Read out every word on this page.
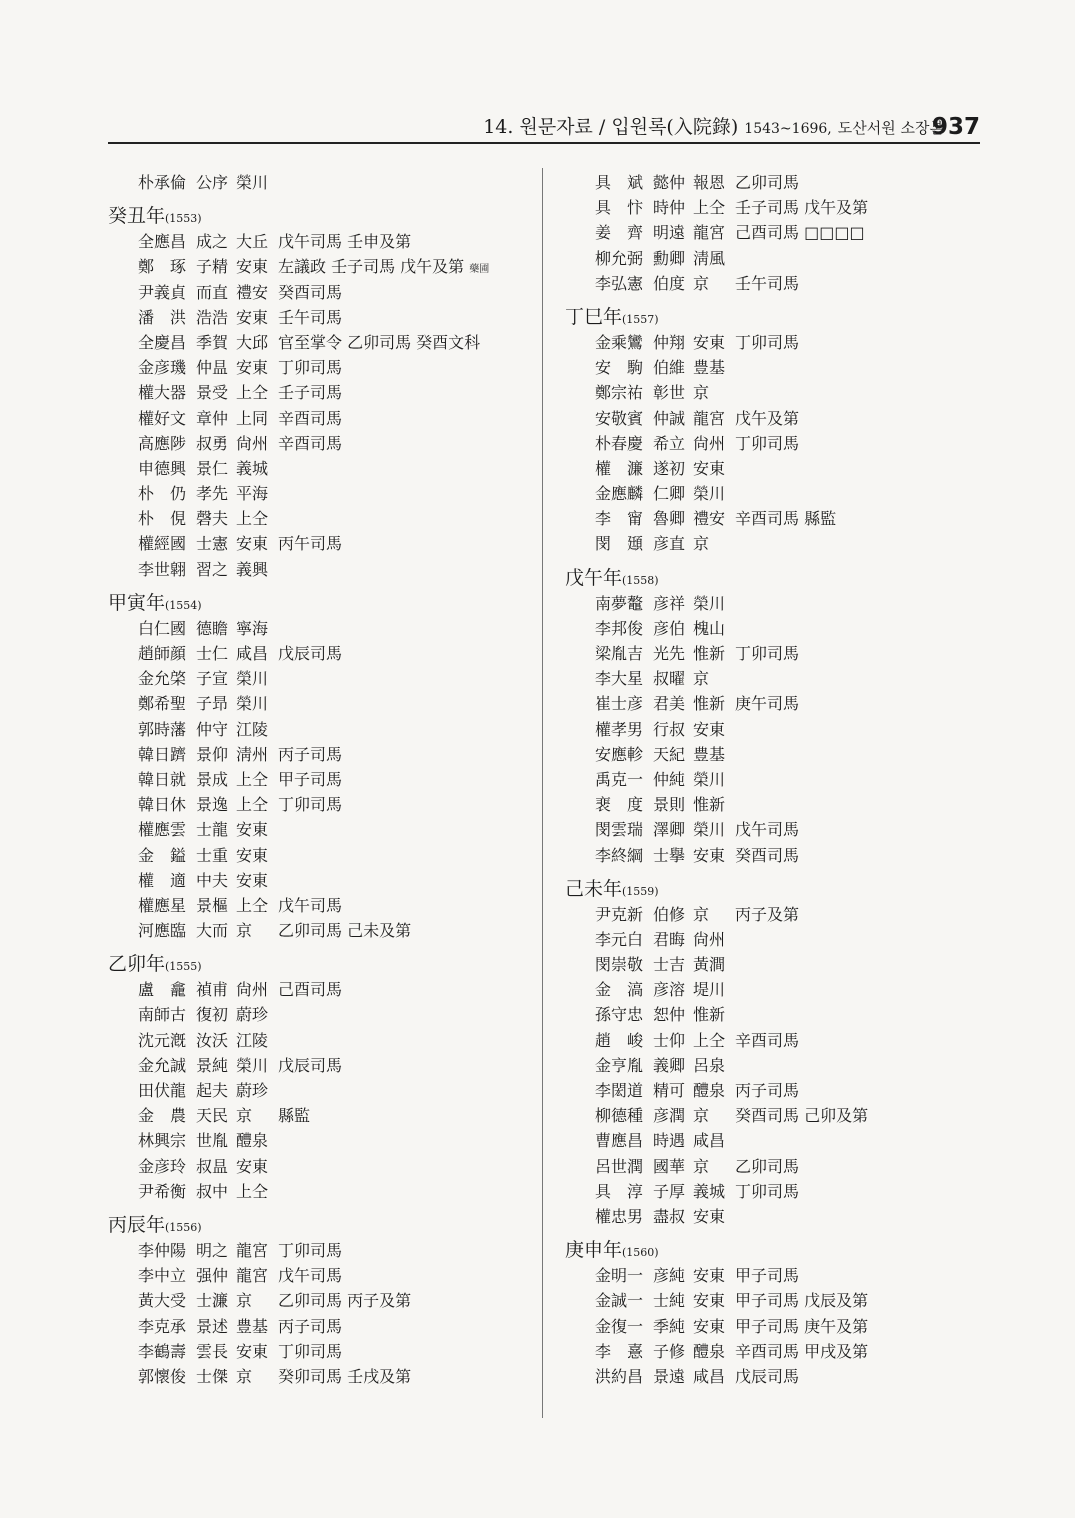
14. 원문자료 / 입원록(入院錄) 1543~1696, 도산서원 소장본
937
朴承倫 公序 榮川
癸丑年(1553)
全應昌 成之 大丘 戊午司馬 壬申及第
鄭　琢 子精 安東 左議政 壬子司馬 戊午及第 藥圃
尹義貞 而直 禮安 癸酉司馬
潘　洪 浩浩 安東 壬午司馬
全慶昌 季賀 大邱 官至掌令 乙卯司馬 癸酉文科
金彦璣 仲昷 安東 丁卯司馬
權大器 景受 上仝 壬子司馬
權好文 章仲 上同 辛酉司馬
高應陟 叔勇 尙州 辛酉司馬
申德興 景仁 義城
朴　仍 孝先 平海
朴　俔 磬夫 上仝
權經國 士憲 安東 丙午司馬
李世翶 習之 義興
甲寅年(1554)
白仁國 德瞻 寧海
趙師顔 士仁 咸昌 戊辰司馬
金允棨 子宣 榮川
鄭希聖 子昻 榮川
郭時藩 仲守 江陵
韓日躋 景仰 淸州 丙子司馬
韓日就 景成 上仝 甲子司馬
韓日休 景逸 上仝 丁卯司馬
權應雲 士龍 安東
金　鎰 士重 安東
權　適 中夫 安東
權應星 景樞 上仝 戊午司馬
河應臨 大而 京 乙卯司馬 己未及第
乙卯年(1555)
盧　龕 禎甫 尙州 己酉司馬
南師古 復初 蔚珍
沈元漑 汝沃 江陵
金允誠 景純 榮川 戊辰司馬
田伏龍 起夫 蔚珍
金　農 天民 京 縣監
林興宗 世胤 醴泉
金彦玲 叔昷 安東
尹希衡 叔中 上仝
丙辰年(1556)
李仲陽 明之 龍宮 丁卯司馬
李中立 强仲 龍宮 戊午司馬
黃大受 士濂 京 乙卯司馬 丙子及第
李克承 景述 豊基 丙子司馬
李鶴壽 雲長 安東 丁卯司馬
郭懷俊 士傑 京 癸卯司馬 壬戌及第
具　斌 懿仲 報恩 乙卯司馬
具　忭 時仲 上仝 壬子司馬 戊午及第
姜　齊 明遠 龍宮 己酉司馬 □□□□
柳允弼 勳卿 淸風
李弘憲 伯度 京 壬午司馬
丁巳年(1557)
金乘鸞 仲翔 安東 丁卯司馬
安　駒 伯維 豊基
鄭宗祐 彰世 京
安敬賓 仲誠 龍宮 戊午及第
朴春慶 希立 尙州 丁卯司馬
權　濂 遂初 安東
金應麟 仁卿 榮川
李　甯 魯卿 禮安 辛酉司馬 縣監
閔　頲 彦直 京
戊午年(1558)
南夢鼇 彦祥 榮川
李邦俊 彦伯 槐山
梁胤吉 光先 惟新 丁卯司馬
李大星 叔曜 京
崔士彦 君美 惟新 庚午司馬
權孝男 行叔 安東
安應軫 天紀 豊基
禹克一 仲純 榮川
裵　度 景則 惟新
閔雲瑞 澤卿 榮川 戊午司馬
李終綱 士擧 安東 癸酉司馬
己未年(1559)
尹克新 伯修 京 丙子及第
李元白 君晦 尙州
閔崇敬 士吉 黃澗
金　滈 彦溶 堤川
孫守忠 恕仲 惟新
趙　峻 士仰 上仝 辛酉司馬
金亨胤 義卿 呂泉
李閎道 精可 醴泉 丙子司馬
柳德種 彦潤 京 癸酉司馬 己卯及第
曹應昌 時遇 咸昌
呂世潤 國華 京 乙卯司馬
具　淳 子厚 義城 丁卯司馬
權忠男 盡叔 安東
庚申年(1560)
金明一 彦純 安東 甲子司馬
金誠一 士純 安東 甲子司馬 戊辰及第
金復一 季純 安東 甲子司馬 庚午及第
李　憙 子修 醴泉 辛酉司馬 甲戌及第
洪約昌 景遠 咸昌 戊辰司馬
